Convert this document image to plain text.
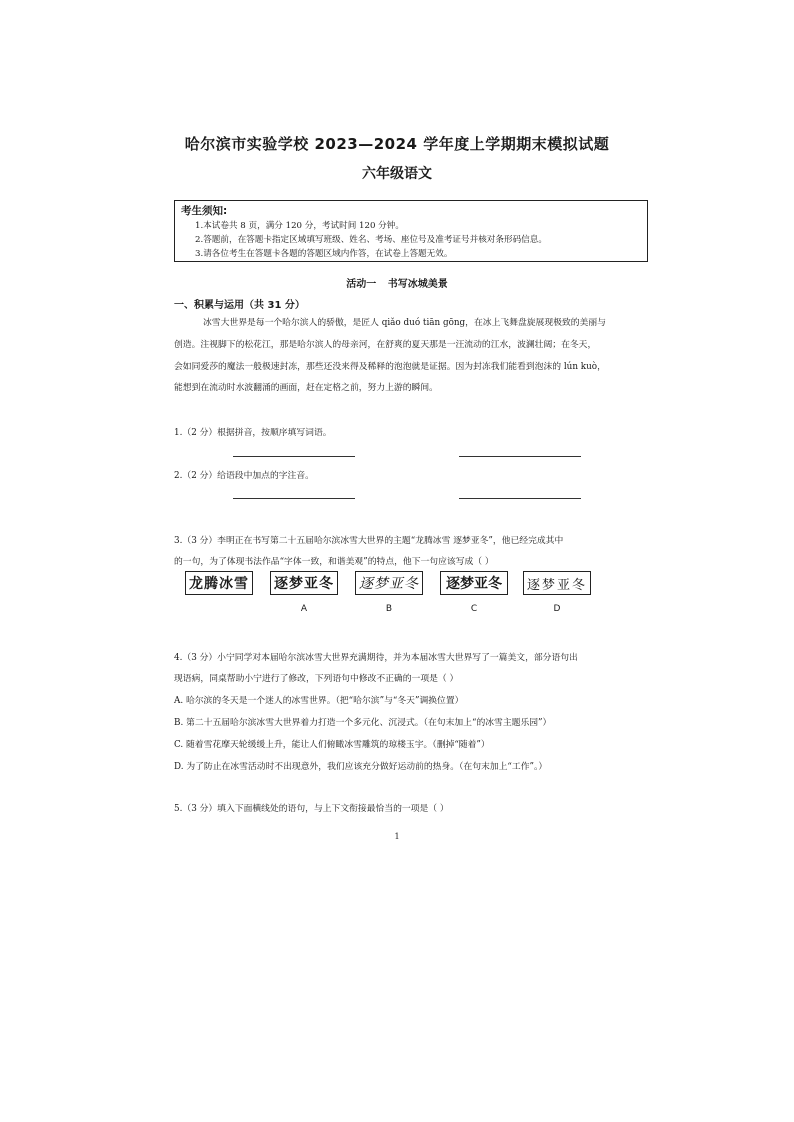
哈尔滨市实验学校 2023—2024 学年度上学期期末模拟试题
六年级语文
考生须知:
1.本试卷共 8 页，满分 120 分，考试时间 120 分钟。
2.答题前，在答题卡指定区域填写班级、姓名、考场、座位号及准考证号并核对条形码信息。
3.请各位考生在答题卡各题的答题区域内作答，在试卷上答题无效。
活动一 书写冰城美景
一、积累与运用（共 31 分）
冰雪大世界是每一个哈尔滨人的骄傲，是匠人 qiǎo duó tiān gōng，在冰上飞舞盘旋展现极致的美丽与
创造。注视脚下的松花江，那是哈尔滨人的母亲河，在舒爽的夏天那是一汪流动的江水，波澜壮阔；在冬天，
会如同爱莎的魔法一般极速封冻，那些还没来得及稀释的泡泡就是证据。因为封冻我们能看到泡沫的 lún kuò，
能想到在流动时水波翻涌的画面，赶在定格之前，努力上游的瞬间。
1.（2 分）根据拼音，按顺序填写词语。
2.（2 分）给语段中加点的字注音。
3.（3 分）李明正在书写第二十五届哈尔滨冰雪大世界的主题“龙腾冰雪 逐梦亚冬”，他已经完成其中
的一句，为了体现书法作品“字体一致，和谐美观”的特点，他下一句应该写成（ ）
龙腾冰雪 逐梦亚冬 逐梦亚冬	逐梦亚冬	逐梦亚冬
A	B	C	D
4.（3 分）小宁同学对本届哈尔滨冰雪大世界充满期待，并为本届冰雪大世界写了一篇美文，部分语句出
现语病，同桌帮助小宁进行了修改，下列语句中修改不正确的一项是（ ）
A. 哈尔滨的冬天是一个迷人的冰雪世界。（把“哈尔滨”与“冬天”调换位置）
B. 第二十五届哈尔滨冰雪大世界着力打造一个多元化、沉浸式。（在句末加上“的冰雪主题乐园”）
C. 随着雪花摩天轮缓缓上升，能让人们俯瞰冰雪雕筑的琼楼玉宇。（删掉“随着”）
D. 为了防止在冰雪活动时不出现意外，我们应该充分做好运动前的热身。（在句末加上“工作”。）
5.（3 分）填入下面横线处的语句，与上下文衔接最恰当的一项是（ ）
1
